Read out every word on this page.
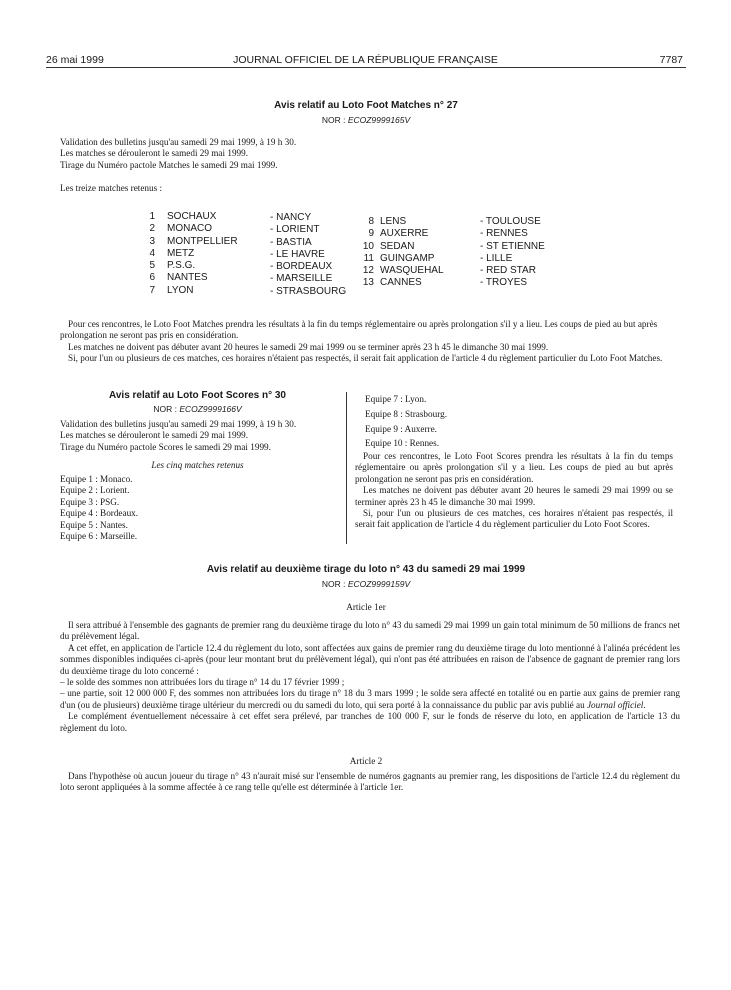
26 mai 1999	JOURNAL OFFICIEL DE LA RÉPUBLIQUE FRANÇAISE	7787
Avis relatif au Loto Foot Matches n° 27
NOR : ECOZ9999165V

Validation des bulletins jusqu'au samedi 29 mai 1999, à 19 h 30.

Les matches se dérouleront le samedi 29 mai 1999.

Tirage du Numéro pactole Matches le samedi 29 mai 1999.

Les treize matches retenus :
1
2
3
4
5
6
7
SOCHAUX
MONACO
MONTPELLIER
METZ
P.S.G.
NANTES
LYON
- NANCY
- LORIENT
- BASTIA
- LE HAVRE
- BORDEAUX
- MARSEILLE
- STRASBOURG
8
9
10
11
12
13
LENS
AUXERRE
SEDAN
GUINGAMP
WASQUEHAL
CANNES
- TOULOUSE
- RENNES
- ST ETIENNE
- LILLE
- RED STAR
- TROYES

Pour ces rencontres, le Loto Foot Matches prendra les résultats à la fin du temps réglementaire ou après prolongation s'il y a lieu. Les coups de pied au but après prolongation ne seront pas pris en considération.

Les matches ne doivent pas débuter avant 20 heures le samedi 29 mai 1999 ou se terminer après 23 h 45 le dimanche 30 mai 1999.

Si, pour l'un ou plusieurs de ces matches, ces horaires n'étaient pas respectés, il serait fait application de l'article 4 du règlement particulier du Loto Foot Matches.

Avis relatif au Loto Foot Scores n° 30
NOR : ECOZ9999166V

Validation des bulletins jusqu'au samedi 29 mai 1999, à 19 h 30.

Les matches se dérouleront le samedi 29 mai 1999.

Tirage du Numéro pactole Scores le samedi 29 mai 1999.

Les cinq matches retenus

Equipe 1 : Monaco.

Equipe 2 : Lorient.

Equipe 3 : PSG.

Equipe 4 : Bordeaux.

Equipe 5 : Nantes.

Equipe 6 : Marseille.

Equipe 7 : Lyon.

Equipe 8 : Strasbourg.

Equipe 9 : Auxerre.

Equipe 10 : Rennes.

Pour ces rencontres, le Loto Foot Scores prendra les résultats à la fin du temps réglementaire ou après prolongation s'il y a lieu. Les coups de pied au but après prolongation ne seront pas pris en considération.

Les matches ne doivent pas débuter avant 20 heures le samedi 29 mai 1999 ou se terminer après 23 h 45 le dimanche 30 mai 1999.

Si, pour l'un ou plusieurs de ces matches, ces horaires n'étaient pas respectés, il serait fait application de l'article 4 du règlement particulier du Loto Foot Scores.

Avis relatif au deuxième tirage du loto n° 43 du samedi 29 mai 1999
NOR : ECOZ9999159V
Article 1er

Il sera attribué à l'ensemble des gagnants de premier rang du deuxième tirage du loto n° 43 du samedi 29 mai 1999 un gain total minimum de 50 millions de francs net du prélèvement légal.

A cet effet, en application de l'article 12.4 du règlement du loto, sont affectées aux gains de premier rang du deuxième tirage du loto mentionné à l'alinéa précédent les sommes disponibles indiquées ci-après (pour leur montant brut du prélèvement légal), qui n'ont pas été attribuées en raison de l'absence de gagnant de premier rang lors du deuxième tirage du loto concerné :

– le solde des sommes non attribuées lors du tirage n° 14 du 17 février 1999 ;

– une partie, soit 12 000 000 F, des sommes non attribuées lors du tirage n° 18 du 3 mars 1999 ; le solde sera affecté en totalité ou en partie aux gains de premier rang d'un (ou de plusieurs) deuxième tirage ultérieur du mercredi ou du samedi du loto, qui sera porté à la connaissance du public par avis publié au Journal officiel.

Le complément éventuellement nécessaire à cet effet sera prélevé, par tranches de 100 000 F, sur le fonds de réserve du loto, en application de l'article 13 du règlement du loto.

Article 2

Dans l'hypothèse où aucun joueur du tirage n° 43 n'aurait misé sur l'ensemble de numéros gagnants au premier rang, les dispositions de l'article 12.4 du règlement du loto seront appliquées à la somme affectée à ce rang telle qu'elle est déterminée à l'article 1er.
